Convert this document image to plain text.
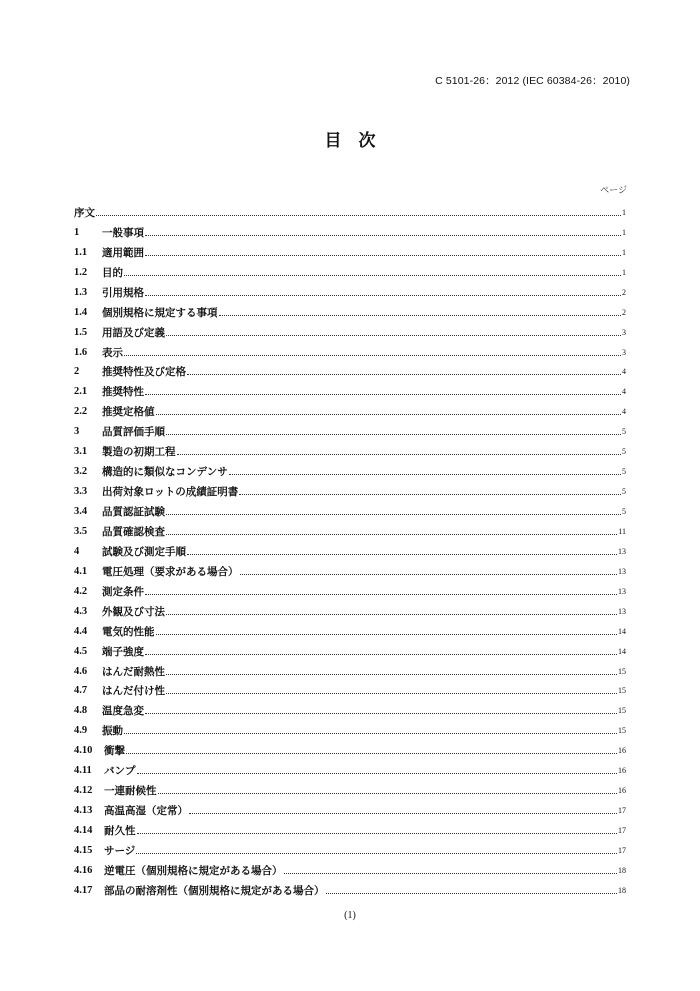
C 5101-26：2012 (IEC 60384-26：2010)
目　次
ページ
序文	1
1	一般事項	1
1.1	適用範囲	1
1.2	目的	1
1.3	引用規格	2
1.4	個別規格に規定する事項	2
1.5	用語及び定義	3
1.6	表示	3
2	推奨特性及び定格	4
2.1	推奨特性	4
2.2	推奨定格値	4
3	品質評価手順	5
3.1	製造の初期工程	5
3.2	構造的に類似なコンデンサ	5
3.3	出荷対象ロットの成績証明書	5
3.4	品質認証試験	5
3.5	品質確認検査	11
4	試験及び測定手順	13
4.1	電圧処理（要求がある場合）	13
4.2	測定条件	13
4.3	外観及び寸法	13
4.4	電気的性能	14
4.5	端子強度	14
4.6	はんだ耐熱性	15
4.7	はんだ付け性	15
4.8	温度急変	15
4.9	振動	15
4.10	衝撃	16
4.11	バンプ	16
4.12	一連耐候性	16
4.13	高温高湿（定常）	17
4.14	耐久性	17
4.15	サージ	17
4.16	逆電圧（個別規格に規定がある場合）	18
4.17	部品の耐溶剤性（個別規格に規定がある場合）	18
(1)
